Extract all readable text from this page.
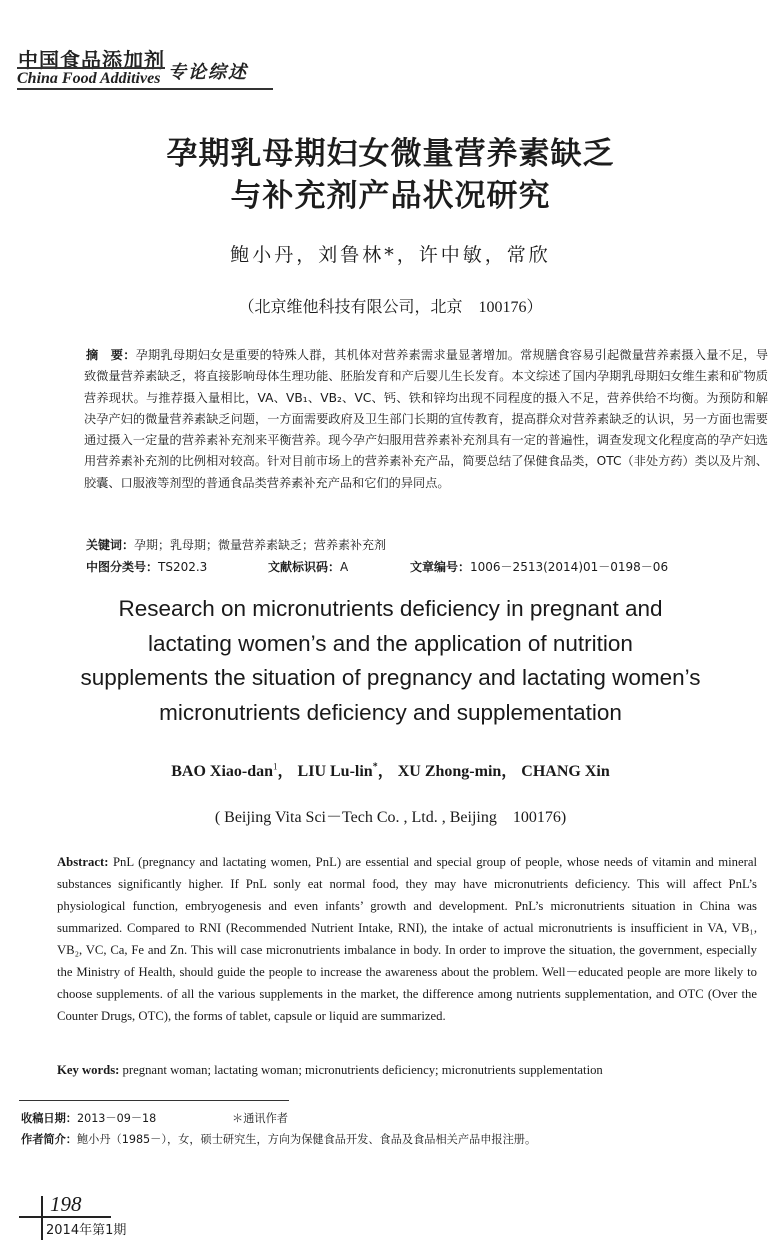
中国食品添加剂
China Food Additives 专论综述
孕期乳母期妇女微量营养素缺乏
与补充剂产品状况研究
鲍小丹，刘鲁林*，许中敏，常欣
（北京维他科技有限公司，北京　100176）
摘　要：孕期乳母期妇女是重要的特殊人群，其机体对营养素需求量显著增加。常规膳食容易引起微量营养素摄入量不足，导致微量营养素缺乏，将直接影响母体生理功能、胚胎发育和产后婴儿生长发育。本文综述了国内孕期乳母期妇女维生素和矿物质营养现状。与推荐摄入量相比，VA、VB₁、VB₂、VC、钙、铁和锌均出现不同程度的摄入不足，营养供给不均衡。为预防和解决孕产妇的微量营养素缺乏问题，一方面需要政府及卫生部门长期的宣传教育，提高群众对营养素缺乏的认识，另一方面也需要通过摄入一定量的营养素补充剂来平衡营养。现今孕产妇服用营养素补充剂具有一定的普遍性，调查发现文化程度高的孕产妇选用营养素补充剂的比例相对较高。针对目前市场上的营养素补充产品，简要总结了保健食品类，OTC（非处方药）类以及片剂、胶囊、口服液等剂型的普通食品类营养素补充产品和它们的异同点。
关键词：孕期；乳母期；微量营养素缺乏；营养素补充剂
中图分类号：TS202.3	文献标识码：A	文章编号：1006－2513(2014)01－0198－06
Research on micronutrients deficiency in pregnant and
lactating women’s and the application of nutrition
supplements the situation of pregnancy and lactating women’s
micronutrients deficiency and supplementation
BAO Xiao-dan$^1$， LIU Lu-lin*， XU Zhong-min， CHANG Xin
( Beijing Vita Sci－Tech Co. , Ltd. , Beijing　100176)
Abstract: PnL (pregnancy and lactating women, PnL) are essential and special group of people, whose needs of vitamin and mineral substances significantly higher. If PnL sonly eat normal food, they may have micronutrients deficiency. This will affect PnL’s physiological function, embryogenesis and even infants’ growth and development. PnL’s micronutrients situation in China was summarized. Compared to RNI (Recommended Nutrient Intake, RNI), the intake of actual micronutrients is insufficient in VA, VB₁, VB₂, VC, Ca, Fe and Zn. This will case micronutrients imbalance in body. In order to improve the situation, the government, especially the Ministry of Health, should guide the people to increase the awareness about the problem. Well－educated people are more likely to choose supplements. of all the various supplements in the market, the difference among nutrients supplementation, and OTC (Over the Counter Drugs, OTC), the forms of tablet, capsule or liquid are summarized.
Key words: pregnant woman; lactating woman; micronutrients deficiency; micronutrients supplementation
收稿日期：2013－09－18	＊通讯作者
作者简介：鲍小丹（1985－），女，硕士研究生，方向为保健食品开发、食品及食品相关产品申报注册。
198
2014年第1期
